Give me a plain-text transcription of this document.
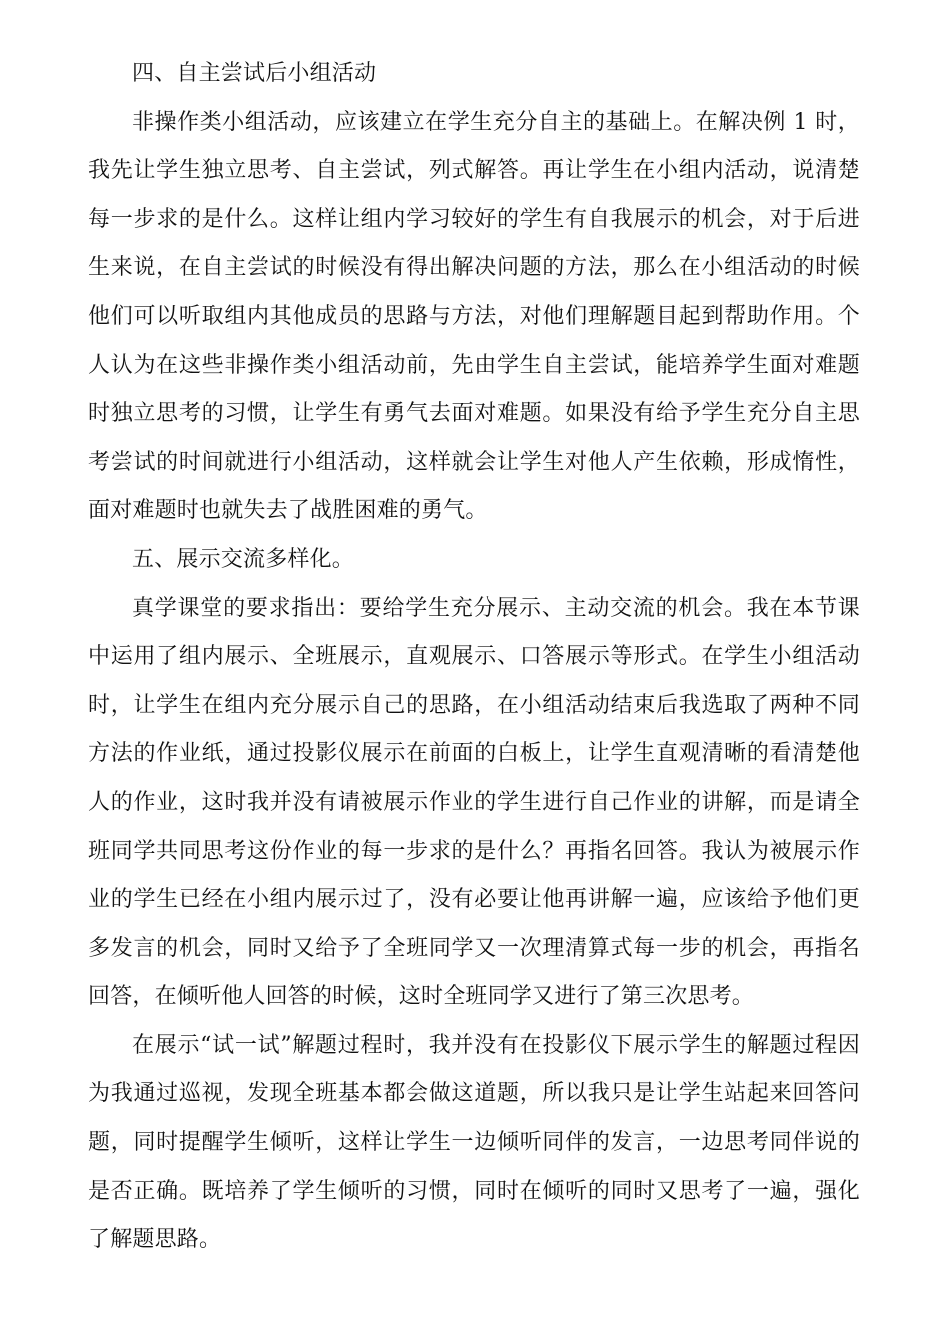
四、自主尝试后小组活动

非操作类小组活动，应该建立在学生充分自主的基础上。在解决例 1 时，我先让学生独立思考、自主尝试，列式解答。再让学生在小组内活动，说清楚每一步求的是什么。这样让组内学习较好的学生有自我展示的机会，对于后进生来说，在自主尝试的时候没有得出解决问题的方法，那么在小组活动的时候他们可以听取组内其他成员的思路与方法，对他们理解题目起到帮助作用。个人认为在这些非操作类小组活动前，先由学生自主尝试，能培养学生面对难题时独立思考的习惯，让学生有勇气去面对难题。如果没有给予学生充分自主思考尝试的时间就进行小组活动，这样就会让学生对他人产生依赖，形成惰性，面对难题时也就失去了战胜困难的勇气。

五、展示交流多样化。

真学课堂的要求指出：要给学生充分展示、主动交流的机会。我在本节课中运用了组内展示、全班展示，直观展示、口答展示等形式。在学生小组活动时，让学生在组内充分展示自己的思路，在小组活动结束后我选取了两种不同方法的作业纸，通过投影仪展示在前面的白板上，让学生直观清晰的看清楚他人的作业，这时我并没有请被展示作业的学生进行自己作业的讲解，而是请全班同学共同思考这份作业的每一步求的是什么？再指名回答。我认为被展示作业的学生已经在小组内展示过了，没有必要让他再讲解一遍，应该给予他们更多发言的机会，同时又给予了全班同学又一次理清算式每一步的机会，再指名回答，在倾听他人回答的时候，这时全班同学又进行了第三次思考。

在展示“试一试”解题过程时，我并没有在投影仪下展示学生的解题过程因为我通过巡视，发现全班基本都会做这道题，所以我只是让学生站起来回答问题，同时提醒学生倾听，这样让学生一边倾听同伴的发言，一边思考同伴说的是否正确。既培养了学生倾听的习惯，同时在倾听的同时又思考了一遍，强化了解题思路。
